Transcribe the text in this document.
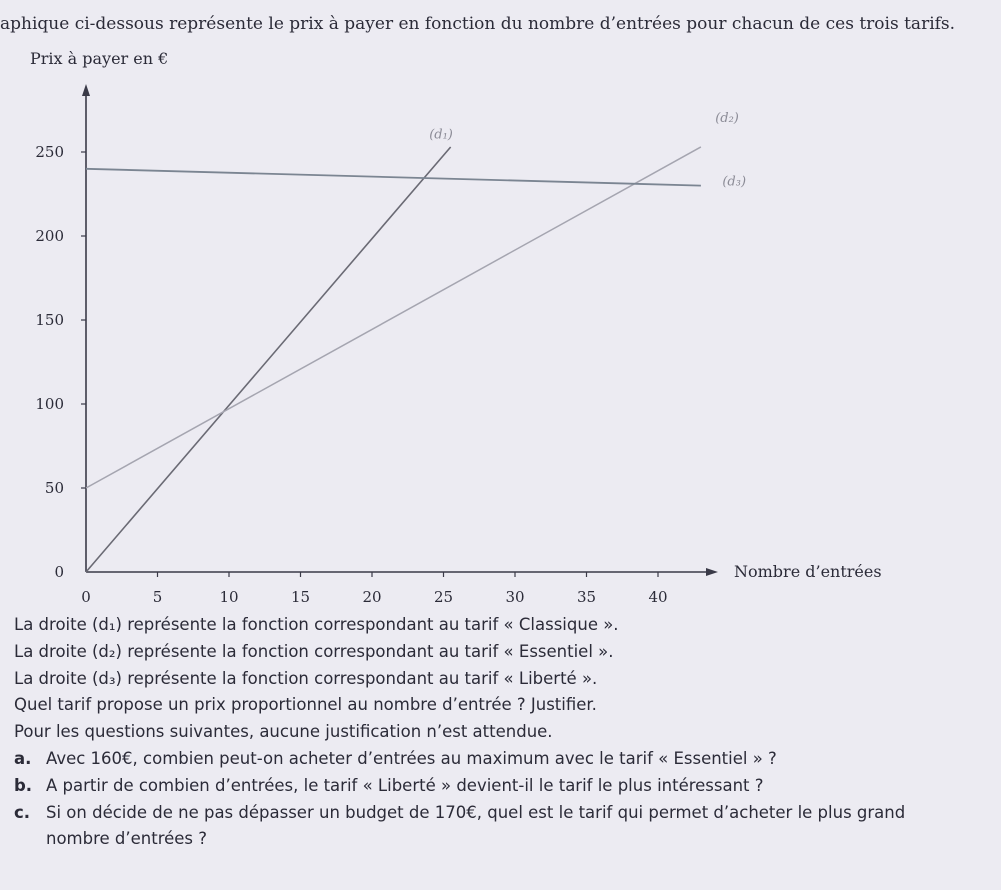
aphique ci-dessous représente le prix à payer en fonction du nombre d’entrées pour chacun de ces trois tarifs.
0	5	10	15	20	25	30	35	40
0
50
100
150
200
250
(d₁)
(d₂)
(d₃)
Prix à payer en €
Nombre d’entrées

La droite (d₁) représente la fonction correspondant au tarif « Classique ».

La droite (d₂) représente la fonction correspondant au tarif « Essentiel ».

La droite (d₃) représente la fonction correspondant au tarif « Liberté ».

Quel tarif propose un prix proportionnel au nombre d’entrée ? Justifier.

Pour les questions suivantes, aucune justification n’est attendue.

a. Avec 160€, combien peut-on acheter d’entrées au maximum avec le tarif « Essentiel » ?
b. A partir de combien d’entrées, le tarif « Liberté » devient-il le tarif le plus intéressant ?
c. Si on décide de ne pas dépasser un budget de 170€, quel est le tarif qui permet d’acheter le plus grand

nombre d’entrées ?
